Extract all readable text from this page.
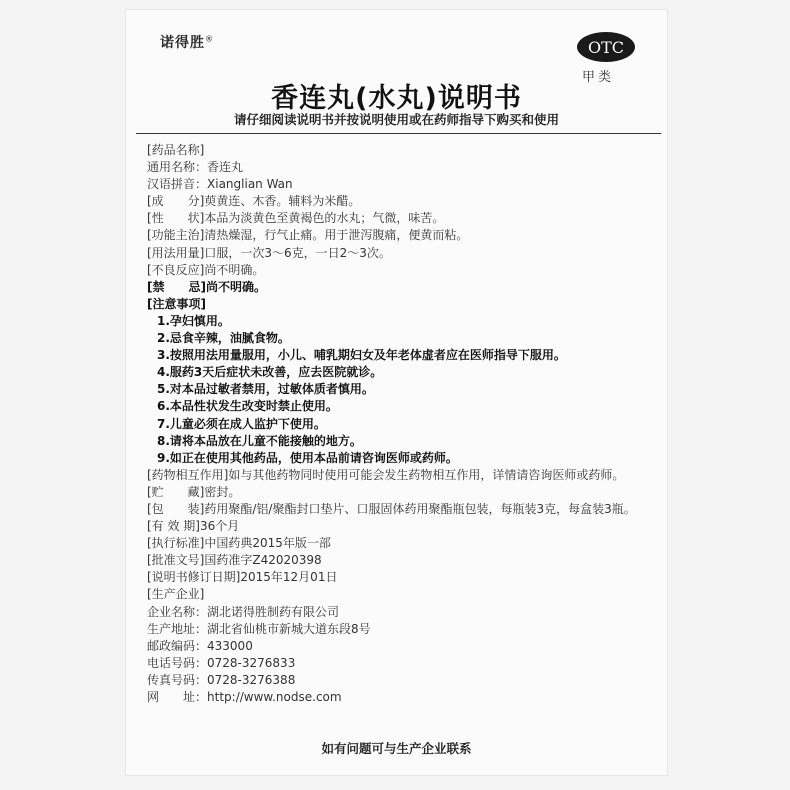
诺得胜®	OTC
甲类
香连丸(水丸)说明书
请仔细阅读说明书并按说明使用或在药师指导下购买和使用
[药品名称]
通用名称：香连丸
汉语拼音：Xianglian Wan
[成　　分]萸黄连、木香。辅料为米醋。
[性　　状]本品为淡黄色至黄褐色的水丸；气微，味苦。
[功能主治]清热燥湿，行气止痛。用于泄泻腹痛，便黄而粘。
[用法用量]口服，一次3～6克，一日2～3次。
[不良反应]尚不明确。
[禁　　忌]尚不明确。
[注意事项]
1.孕妇慎用。
2.忌食辛辣，油腻食物。
3.按照用法用量服用，小儿、哺乳期妇女及年老体虚者应在医师指导下服用。
4.服药3天后症状未改善，应去医院就诊。
5.对本品过敏者禁用，过敏体质者慎用。
6.本品性状发生改变时禁止使用。
7.儿童必须在成人监护下使用。
8.请将本品放在儿童不能接触的地方。
9.如正在使用其他药品，使用本品前请咨询医师或药师。
[药物相互作用]如与其他药物同时使用可能会发生药物相互作用，详情请咨询医师或药师。
[贮　　藏]密封。
[包　　装]药用聚酯/铝/聚酯封口垫片、口服固体药用聚酯瓶包装，每瓶装3克，每盒装3瓶。
[有 效 期]36个月
[执行标准]中国药典2015年版一部
[批准文号]国药准字Z42020398
[说明书修订日期]2015年12月01日
[生产企业]
企业名称：湖北诺得胜制药有限公司
生产地址：湖北省仙桃市新城大道东段8号
邮政编码：433000
电话号码：0728-3276833
传真号码：0728-3276388
网　　址：http://www.nodse.com
如有问题可与生产企业联系
